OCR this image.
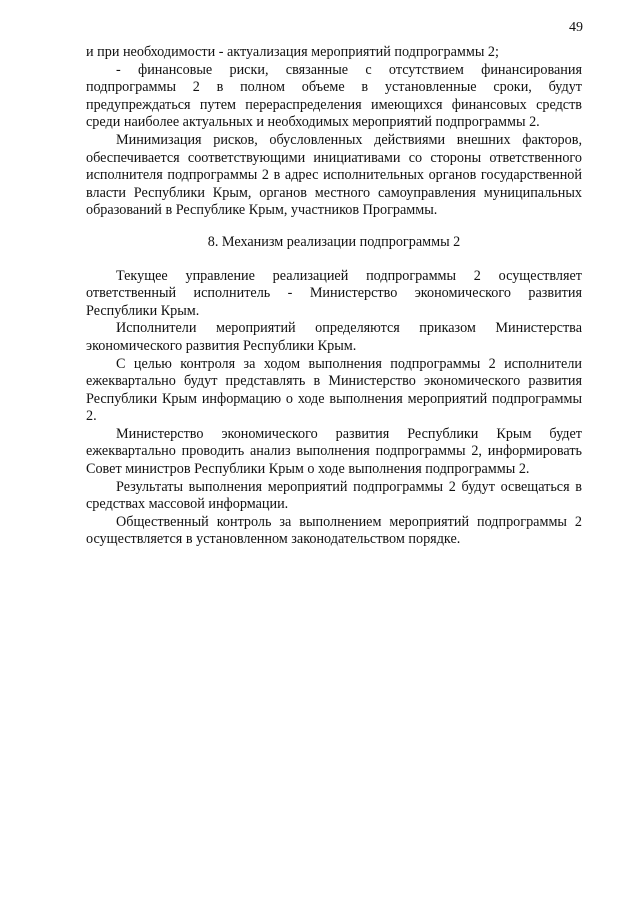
49

и при необходимости - актуализация мероприятий подпрограммы 2;

- финансовые риски, связанные с отсутствием финансирования подпрограммы 2 в полном объеме в установленные сроки, будут предупреждаться путем перераспределения имеющихся финансовых средств среди наиболее актуальных и необходимых мероприятий подпрограммы 2.

Минимизация рисков, обусловленных действиями внешних факторов, обеспечивается соответствующими инициативами со стороны ответственного исполнителя подпрограммы 2 в адрес исполнительных органов государственной власти Республики Крым, органов местного самоуправления муниципальных образований в Республике Крым, участников Программы.

8. Механизм реализации подпрограммы 2

Текущее управление реализацией подпрограммы 2 осуществляет ответственный исполнитель - Министерство экономического развития Республики Крым.

Исполнители мероприятий определяются приказом Министерства экономического развития Республики Крым.

С целью контроля за ходом выполнения подпрограммы 2 исполнители ежеквартально будут представлять в Министерство экономического развития Республики Крым информацию о ходе выполнения мероприятий подпрограммы 2.

Министерство экономического развития Республики Крым будет ежеквартально проводить анализ выполнения подпрограммы 2, информировать Совет министров Республики Крым о ходе выполнения подпрограммы 2.

Результаты выполнения мероприятий подпрограммы 2 будут освещаться в средствах массовой информации.

Общественный контроль за выполнением мероприятий подпрограммы 2 осуществляется в установленном законодательством порядке.
